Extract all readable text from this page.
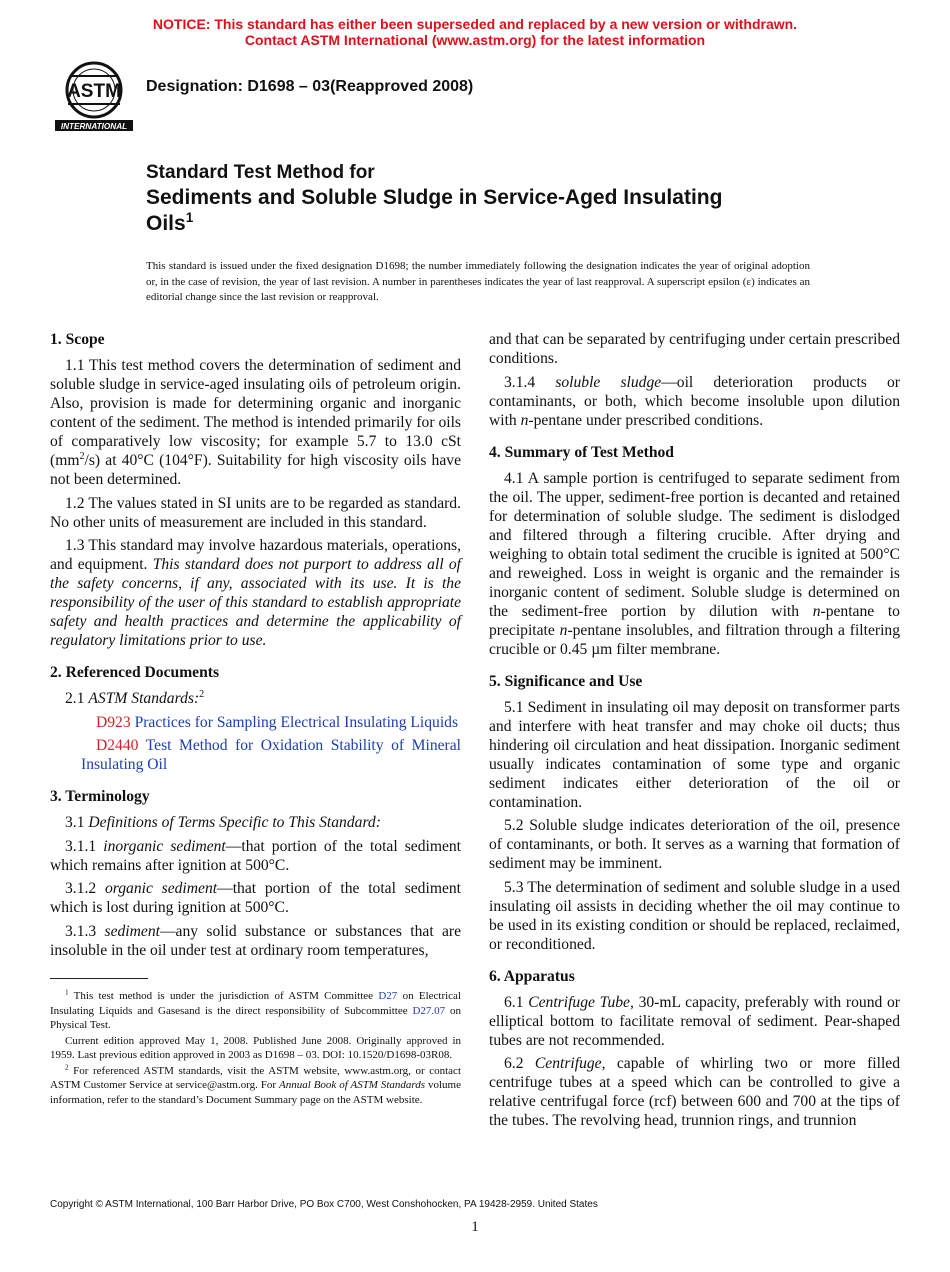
NOTICE: This standard has either been superseded and replaced by a new version or withdrawn.
Contact ASTM International (www.astm.org) for the latest information
ASTM
INTERNATIONAL
Designation: D1698 – 03(Reapproved 2008)
Standard Test Method for
Sediments and Soluble Sludge in Service-Aged Insulating
Oils$^1$
This standard is issued under the fixed designation D1698; the number immediately following the designation indicates the year of original adoption or, in the case of revision, the year of last revision. A number in parentheses indicates the year of last reapproval. A superscript epsilon (ε) indicates an editorial change since the last revision or reapproval.
1. Scope

1.1 This test method covers the determination of sediment and soluble sludge in service-aged insulating oils of petroleum origin. Also, provision is made for determining organic and inorganic content of the sediment. The method is intended primarily for oils of comparatively low viscosity; for example 5.7 to 13.0 cSt $(mm^2/s)$ at 40°C (104°F). Suitability for high viscosity oils have not been determined.

1.2 The values stated in SI units are to be regarded as standard. No other units of measurement are included in this standard.

1.3 This standard may involve hazardous materials, operations, and equipment. This standard does not purport to address all of the safety concerns, if any, associated with its use. It is the responsibility of the user of this standard to establish appropriate safety and health practices and determine the applicability of regulatory limitations prior to use.

2. Referenced Documents

2.1 ASTM Standards:$^2$

D923 Practices for Sampling Electrical Insulating Liquids

D2440 Test Method for Oxidation Stability of Mineral Insulating Oil

3. Terminology

3.1 Definitions of Terms Specific to This Standard:

3.1.1 inorganic sediment—that portion of the total sediment which remains after ignition at 500°C.

3.1.2 organic sediment—that portion of the total sediment which is lost during ignition at 500°C.

3.1.3 sediment—any solid substance or substances that are insoluble in the oil under test at ordinary room temperatures,

$^1$ This test method is under the jurisdiction of ASTM Committee D27 on Electrical Insulating Liquids and Gasesand is the direct responsibility of Subcommittee D27.07 on Physical Test.

Current edition approved May 1, 2008. Published June 2008. Originally approved in 1959. Last previous edition approved in 2003 as D1698 – 03. DOI: 10.1520/D1698-03R08.

$^2$ For referenced ASTM standards, visit the ASTM website, www.astm.org, or contact ASTM Customer Service at service@astm.org. For Annual Book of ASTM Standards volume information, refer to the standard’s Document Summary page on the ASTM website.

and that can be separated by centrifuging under certain prescribed conditions.

3.1.4 soluble sludge—oil deterioration products or contaminants, or both, which become insoluble upon dilution with n-pentane under prescribed conditions.

4. Summary of Test Method

4.1 A sample portion is centrifuged to separate sediment from the oil. The upper, sediment-free portion is decanted and retained for determination of soluble sludge. The sediment is dislodged and filtered through a filtering crucible. After drying and weighing to obtain total sediment the crucible is ignited at 500°C and reweighed. Loss in weight is organic and the remainder is inorganic content of sediment. Soluble sludge is determined on the sediment-free portion by dilution with n-pentane to precipitate n-pentane insolubles, and filtration through a filtering crucible or 0.45 µm filter membrane.

5. Significance and Use

5.1 Sediment in insulating oil may deposit on transformer parts and interfere with heat transfer and may choke oil ducts; thus hindering oil circulation and heat dissipation. Inorganic sediment usually indicates contamination of some type and organic sediment indicates either deterioration of the oil or contamination.

5.2 Soluble sludge indicates deterioration of the oil, presence of contaminants, or both. It serves as a warning that formation of sediment may be imminent.

5.3 The determination of sediment and soluble sludge in a used insulating oil assists in deciding whether the oil may continue to be used in its existing condition or should be replaced, reclaimed, or reconditioned.

6. Apparatus

6.1 Centrifuge Tube, 30-mL capacity, preferably with round or elliptical bottom to facilitate removal of sediment. Pear-shaped tubes are not recommended.

6.2 Centrifuge, capable of whirling two or more filled centrifuge tubes at a speed which can be controlled to give a relative centrifugal force (rcf) between 600 and 700 at the tips of the tubes. The revolving head, trunnion rings, and trunnion

Copyright © ASTM International, 100 Barr Harbor Drive, PO Box C700, West Conshohocken, PA 19428-2959. United States
1
